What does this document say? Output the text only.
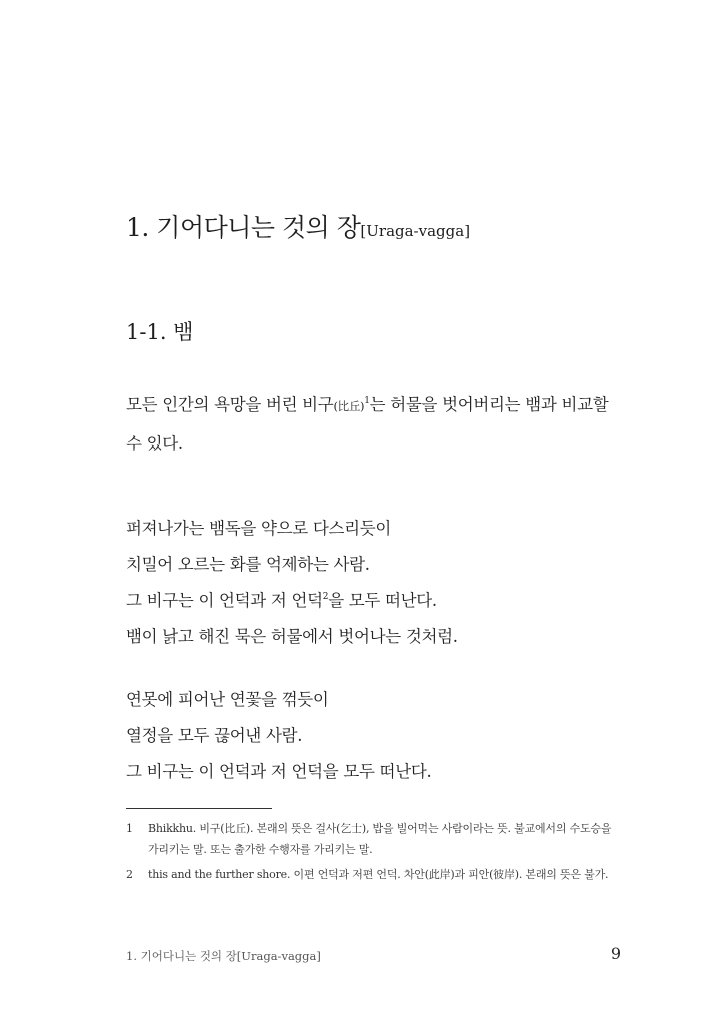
1. 기어다니는 것의 장[Uraga-vagga]
1-1. 뱀

모든 인간의 욕망을 버린 비구(比丘)$^1$는 허물을 벗어버리는 뱀과 비교할 수 있다.

퍼져나가는 뱀독을 약으로 다스리듯이
치밀어 오르는 화를 억제하는 사람.
그 비구는 이 언덕과 저 언덕$^2$을 모두 떠난다.
뱀이 낡고 해진 묵은 허물에서 벗어나는 것처럼.
연못에 피어난 연꽃을 꺾듯이
열정을 모두 끊어낸 사람.
그 비구는 이 언덕과 저 언덕을 모두 떠난다.
1	Bhikkhu. 비구(比丘). 본래의 뜻은 걸사(乞士), 밥을 빌어먹는 사람이라는 뜻. 불교에서의 수도승을 가리키는 말. 또는 출가한 수행자를 가리키는 말.
2	this and the further shore. 이편 언덕과 저편 언덕. 차안(此岸)과 피안(彼岸). 본래의 뜻은 불가.
1. 기어다니는 것의 장[Uraga-vagga]	9
